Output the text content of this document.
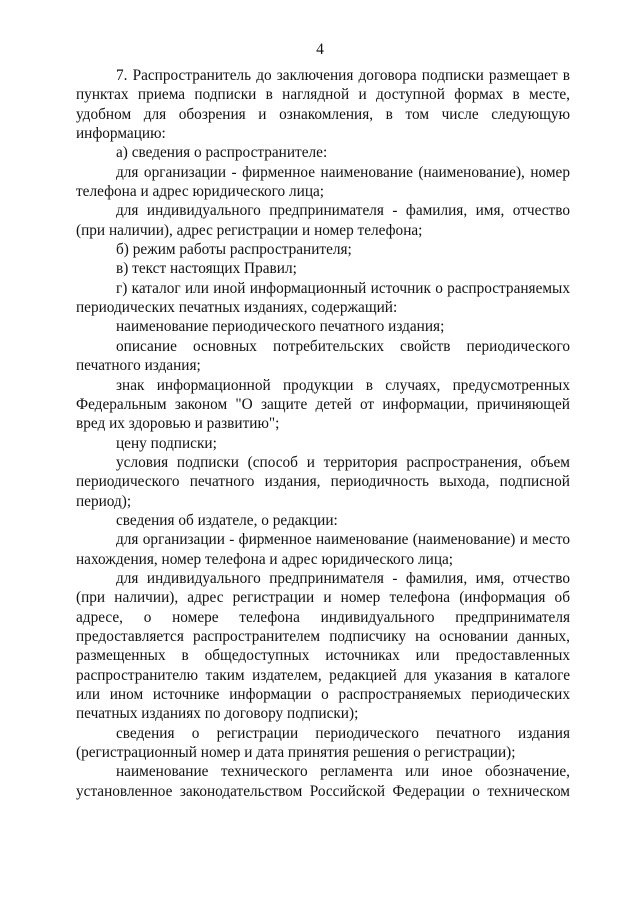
4

7. Распространитель до заключения договора подписки размещает в пунктах приема подписки в наглядной и доступной формах в месте, удобном для обозрения и ознакомления, в том числе следующую информацию:

а) сведения о распространителе:

для организации - фирменное наименование (наименование), номер телефона и адрес юридического лица;

для индивидуального предпринимателя - фамилия, имя, отчество (при наличии), адрес регистрации и номер телефона;

б) режим работы распространителя;

в) текст настоящих Правил;

г) каталог или иной информационный источник о распространяемых периодических печатных изданиях, содержащий:

наименование периодического печатного издания;

описание основных потребительских свойств периодического печатного издания;

знак информационной продукции в случаях, предусмотренных Федеральным законом "О защите детей от информации, причиняющей вред их здоровью и развитию";

цену подписки;

условия подписки (способ и территория распространения, объем периодического печатного издания, периодичность выхода, подписной период);

сведения об издателе, о редакции:

для организации - фирменное наименование (наименование) и место нахождения, номер телефона и адрес юридического лица;

для индивидуального предпринимателя - фамилия, имя, отчество (при наличии), адрес регистрации и номер телефона (информация об адресе, о номере телефона индивидуального предпринимателя предоставляется распространителем подписчику на основании данных, размещенных в общедоступных источниках или предоставленных распространителю таким издателем, редакцией для указания в каталоге или ином источнике информации о распространяемых периодических печатных изданиях по договору подписки);

сведения о регистрации периодического печатного издания (регистрационный номер и дата принятия решения о регистрации);

наименование технического регламента или иное обозначение, установленное законодательством Российской Федерации о техническом
